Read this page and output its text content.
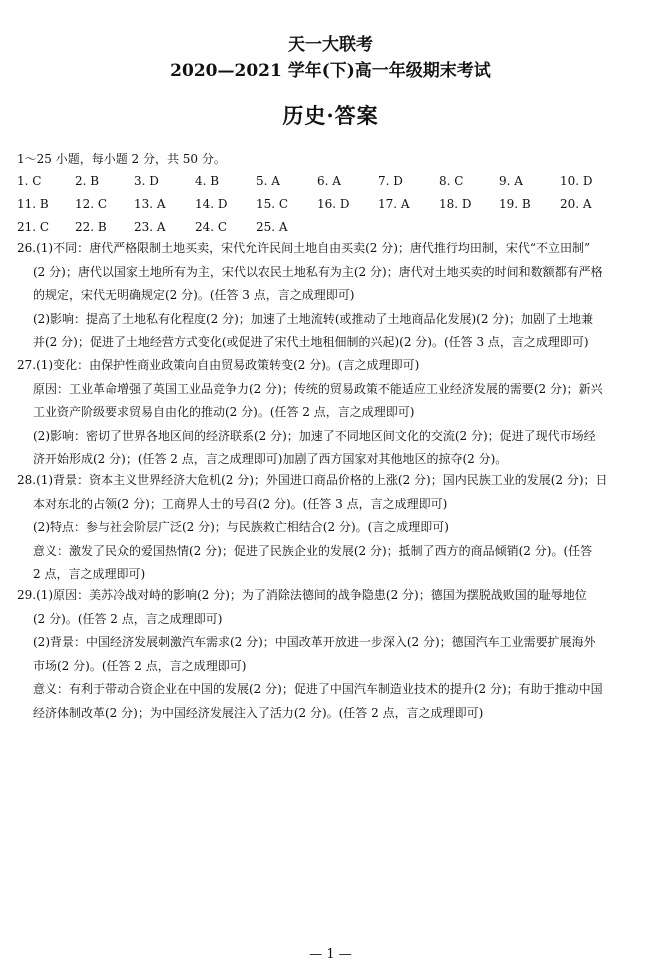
天一大联考
2020—2021 学年(下)高一年级期末考试
历史·答案
1～25 小题，每小题 2 分，共 50 分。
1. C	2. B	3. D	4. B	5. A	6. A	7. D	8. C	9. A	10. D
11. B 12. C 13. A 14. D 15. C 16. D 17. A 18. D 19. B 20. A
21. C 22. B 23. A 24. C 25. A

26.(1)不同：唐代严格限制土地买卖，宋代允许民间土地自由买卖(2 分)；唐代推行均田制，宋代“不立田制”

(2 分)；唐代以国家土地所有为主，宋代以农民土地私有为主(2 分)；唐代对土地买卖的时间和数额都有严格

的规定，宋代无明确规定(2 分)。(任答 3 点，言之成理即可)

(2)影响：提高了土地私有化程度(2 分)；加速了土地流转(或推动了土地商品化发展)(2 分)；加剧了土地兼

并(2 分)；促进了土地经营方式变化(或促进了宋代土地租佃制的兴起)(2 分)。(任答 3 点，言之成理即可)

27.(1)变化：由保护性商业政策向自由贸易政策转变(2 分)。(言之成理即可)

原因：工业革命增强了英国工业品竞争力(2 分)；传统的贸易政策不能适应工业经济发展的需要(2 分)；新兴

工业资产阶级要求贸易自由化的推动(2 分)。(任答 2 点，言之成理即可)

(2)影响：密切了世界各地区间的经济联系(2 分)；加速了不同地区间文化的交流(2 分)；促进了现代市场经

济开始形成(2 分)；(任答 2 点，言之成理即可)加剧了西方国家对其他地区的掠夺(2 分)。

28.(1)背景：资本主义世界经济大危机(2 分)；外国进口商品价格的上涨(2 分)；国内民族工业的发展(2 分)；日

本对东北的占领(2 分)；工商界人士的号召(2 分)。(任答 3 点，言之成理即可)

(2)特点：参与社会阶层广泛(2 分)；与民族救亡相结合(2 分)。(言之成理即可)

意义：激发了民众的爱国热情(2 分)；促进了民族企业的发展(2 分)；抵制了西方的商品倾销(2 分)。(任答

2 点，言之成理即可)

29.(1)原因：美苏冷战对峙的影响(2 分)；为了消除法德间的战争隐患(2 分)；德国为摆脱战败国的耻辱地位

(2 分)。(任答 2 点，言之成理即可)

(2)背景：中国经济发展刺激汽车需求(2 分)；中国改革开放进一步深入(2 分)；德国汽车工业需要扩展海外

市场(2 分)。(任答 2 点，言之成理即可)

意义：有利于带动合资企业在中国的发展(2 分)；促进了中国汽车制造业技术的提升(2 分)；有助于推动中国

经济体制改革(2 分)；为中国经济发展注入了活力(2 分)。(任答 2 点，言之成理即可)

— 1 —
